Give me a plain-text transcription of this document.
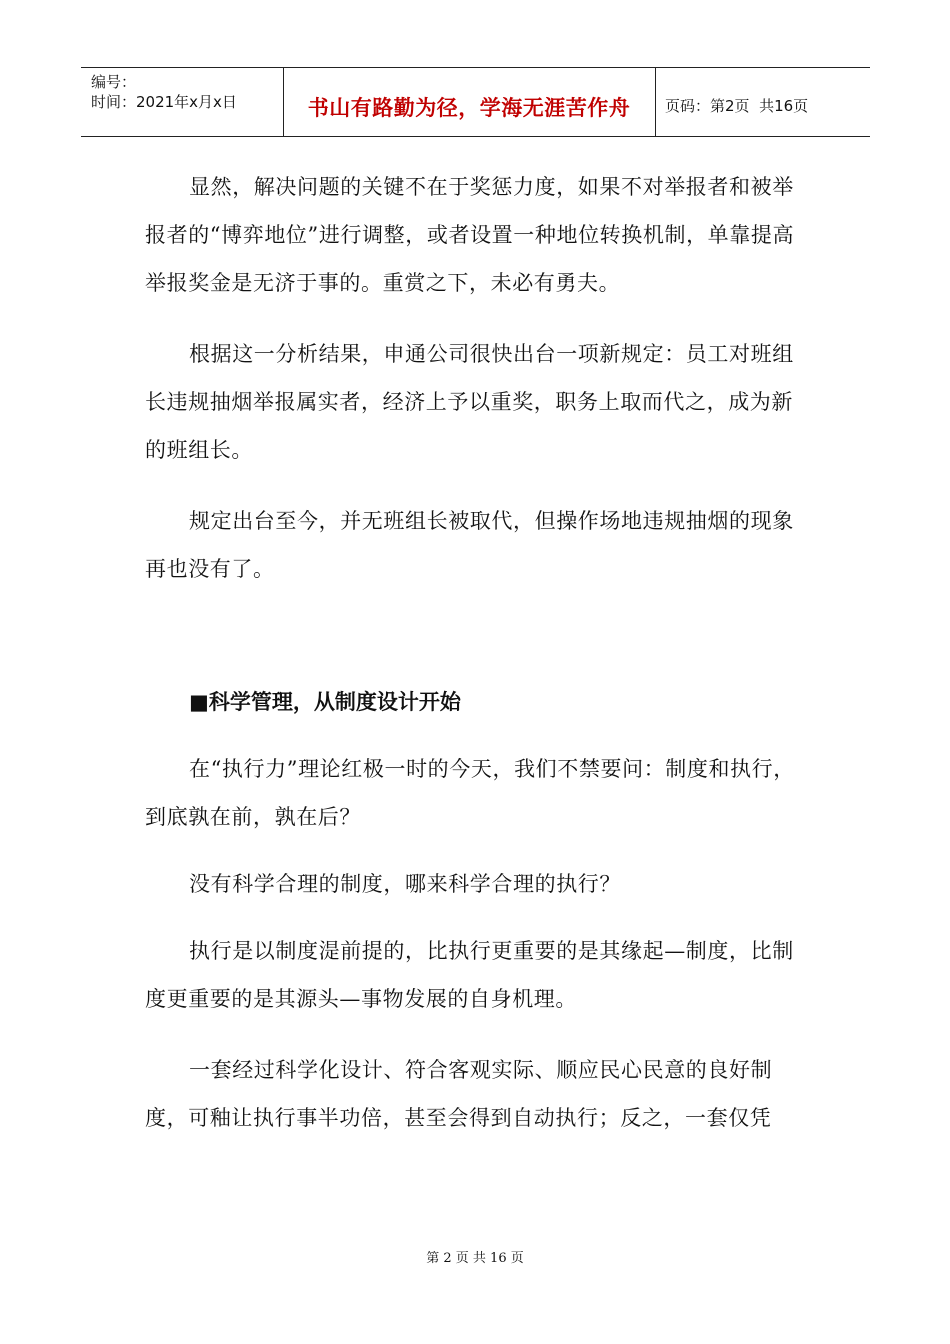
编号：
时间：2021年x月x日	书山有路勤为径，学海无涯苦作舟	页码：第2页  共16页

显然，解决问题的关键不在于奖惩力度，如果不对举报者和被举报者的“博弈地位”进行调整，或者设置一种地位转换机制，单靠提高举报奖金是无济于事的。重赏之下，未必有勇夫。

根据这一分析结果，申通公司很快出台一项新规定：员工对班组长违规抽烟举报属实者，经济上予以重奖，职务上取而代之，成为新的班组长。

规定出台至今，并无班组长被取代，但操作场地违规抽烟的现象再也没有了。

■科学管理，从制度设计开始

在“执行力”理论红极一时的今天，我们不禁要问：制度和执行，到底孰在前，孰在后？

没有科学合理的制度，哪来科学合理的执行？

执行是以制度湜前提的，比执行更重要的是其缘起—制度，比制度更重要的是其源头—事物发展的自身机理。

一套经过科学化设计、符合客观实际、顺应民心民意的良好制度，可釉让执行事半功倍，甚至会得到自动执行；反之，一套仅凭

第 2 页 共 16 页
